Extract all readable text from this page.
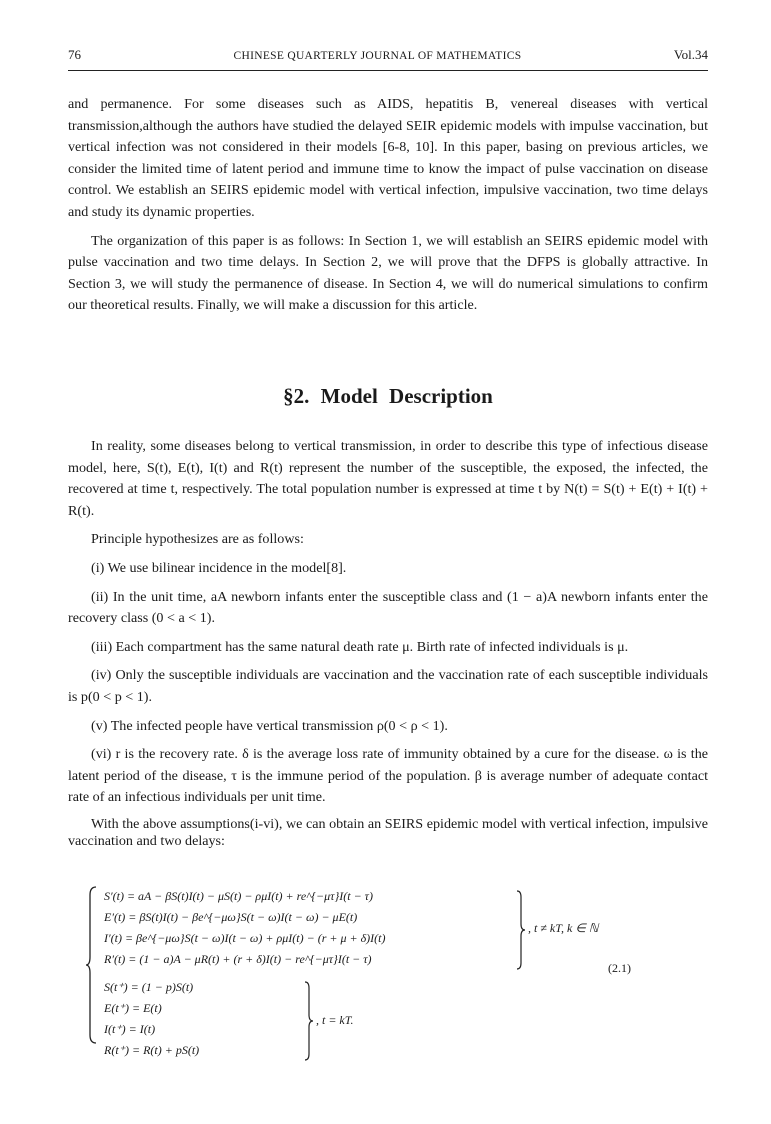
76	CHINESE QUARTERLY JOURNAL OF MATHEMATICS	Vol.34

and permanence. For some diseases such as AIDS, hepatitis B, venereal diseases with vertical transmission,although the authors have studied the delayed SEIR epidemic models with impulse vaccination, but vertical infection was not considered in their models [6-8, 10]. In this paper, basing on previous articles, we consider the limited time of latent period and immune time to know the impact of pulse vaccination on disease control. We establish an SEIRS epidemic model with vertical infection, impulsive vaccination, two time delays and study its dynamic properties.

The organization of this paper is as follows: In Section 1, we will establish an SEIRS epidemic model with pulse vaccination and two time delays. In Section 2, we will prove that the DFPS is globally attractive. In Section 3, we will study the permanence of disease. In Section 4, we will do numerical simulations to confirm our theoretical results. Finally, we will make a discussion for this article.

§2. Model Description

In reality, some diseases belong to vertical transmission, in order to describe this type of infectious disease model, here, S(t), E(t), I(t) and R(t) represent the number of the susceptible, the exposed, the infected, the recovered at time t, respectively. The total population number is expressed at time t by N(t) = S(t) + E(t) + I(t) + R(t).

Principle hypothesizes are as follows:

(i) We use bilinear incidence in the model[8].

(ii) In the unit time, aA newborn infants enter the susceptible class and (1 − a)A newborn infants enter the recovery class (0 < a < 1).

(iii) Each compartment has the same natural death rate μ. Birth rate of infected individuals is μ.

(iv) Only the susceptible individuals are vaccination and the vaccination rate of each susceptible individuals is p(0 < p < 1).

(v) The infected people have vertical transmission ρ(0 < ρ < 1).

(vi) r is the recovery rate. δ is the average loss rate of immunity obtained by a cure for the disease. ω is the latent period of the disease, τ is the immune period of the population. β is average number of adequate contact rate of an infectious individuals per unit time.

With the above assumptions(i-vi), we can obtain an SEIRS epidemic model with vertical infection, impulsive vaccination and two delays:

S′(t) = aA − βS(t)I(t) − μS(t) − ρμI(t) + re^{−μτ}I(t − τ)
E′(t) = βS(t)I(t) − βe^{−μω}S(t − ω)I(t − ω) − μE(t)
I′(t) = βe^{−μω}S(t − ω)I(t − ω) + ρμI(t) − (r + μ + δ)I(t)
R′(t) = (1 − a)A − μR(t) + (r + δ)I(t) − re^{−μτ}I(t − τ)
, t ≠ kT, k ∈ ℕ
S(t⁺) = (1 − p)S(t)
E(t⁺) = E(t)
I(t⁺) = I(t)
R(t⁺) = R(t) + pS(t)
, t = kT.
(2.1)
